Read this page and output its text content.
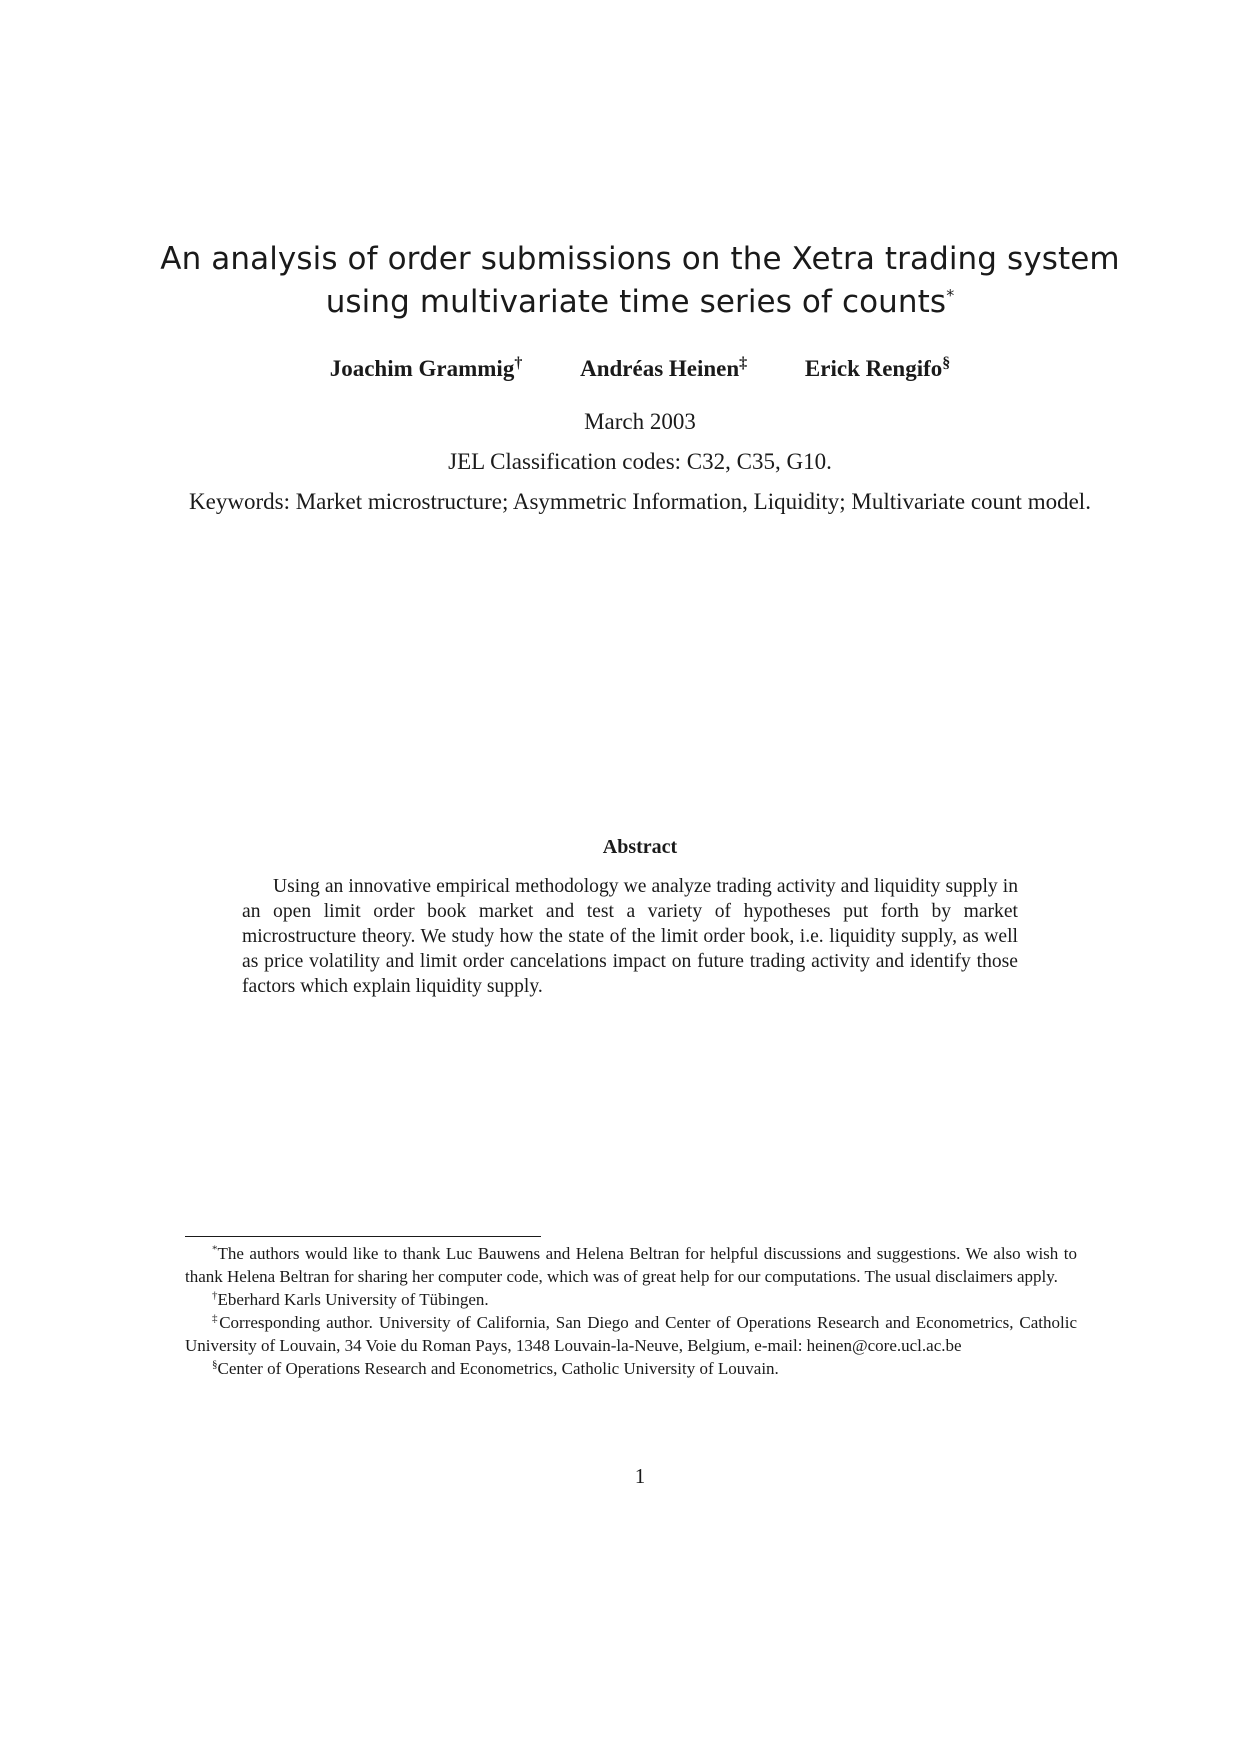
An analysis of order submissions on the Xetra trading system
using multivariate time series of counts*
Joachim Grammig†	Andréas Heinen‡	Erick Rengifo§
March 2003
JEL Classification codes: C32, C35, G10.
Keywords: Market microstructure; Asymmetric Information, Liquidity; Multivariate count model.
Abstract
Using an innovative empirical methodology we analyze trading activity and liquidity supply in an open limit order book market and test a variety of hypotheses put forth by market microstructure theory. We study how the state of the limit order book, i.e. liquidity supply, as well as price volatility and limit order cancelations impact on future trading activity and identify those factors which explain liquidity supply.

*The authors would like to thank Luc Bauwens and Helena Beltran for helpful discussions and suggestions. We also wish to thank Helena Beltran for sharing her computer code, which was of great help for our computations. The usual disclaimers apply.

†Eberhard Karls University of Tübingen.

‡Corresponding author. University of California, San Diego and Center of Operations Research and Econometrics, Catholic University of Louvain, 34 Voie du Roman Pays, 1348 Louvain-la-Neuve, Belgium, e-mail: heinen@core.ucl.ac.be

§Center of Operations Research and Econometrics, Catholic University of Louvain.

1
